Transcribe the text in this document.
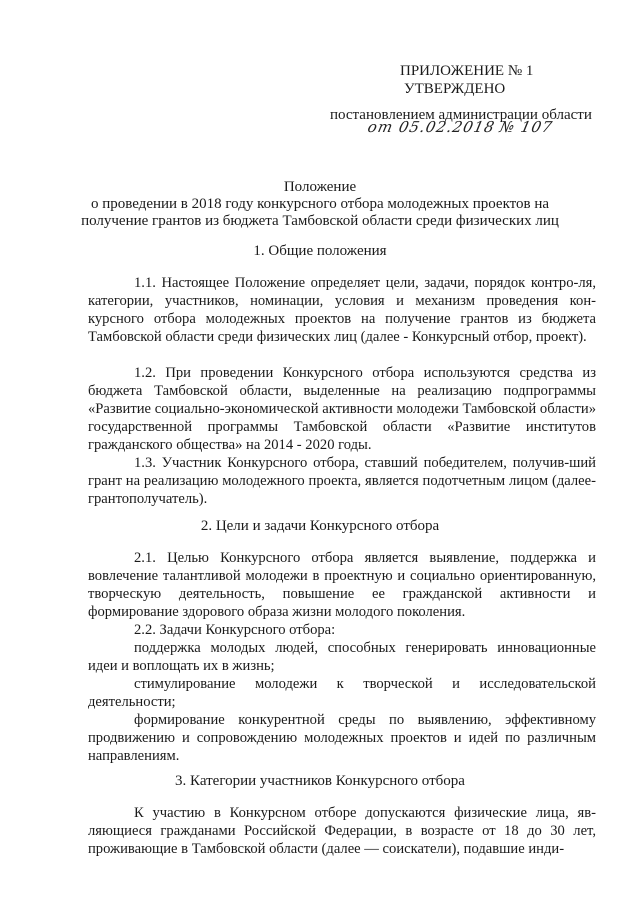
ПРИЛОЖЕНИЕ № 1
УТВЕРЖДЕНО
постановлением администрации области
от 05.02.2018 № 107
Положение
о проведении в 2018 году конкурсного отбора молодежных проектов на
получение грантов из бюджета Тамбовской области среди физических лиц
1. Общие положения

1.1. Настоящее Положение определяет цели, задачи, порядок контро-ля, категории, участников, номинации, условия и механизм проведения кон-курсного отбора молодежных проектов на получение грантов из бюджета Тамбовской области среди физических лиц (далее - Конкурсный отбор, проект).

1.2. При проведении Конкурсного отбора используются средства из бюджета Тамбовской области, выделенные на реализацию подпрограммы «Развитие социально-экономической активности молодежи Тамбовской области» государственной программы Тамбовской области «Развитие институтов гражданского общества» на 2014 - 2020 годы.

1.3. Участник Конкурсного отбора, ставший победителем, получив-ший грант на реализацию молодежного проекта, является подотчетным лицом (далее- грантополучатель).

2. Цели и задачи Конкурсного отбора

2.1. Целью Конкурсного отбора является выявление, поддержка и вовлечение талантливой молодежи в проектную и социально ориентированную, творческую деятельность, повышение ее гражданской активности и формирование здорового образа жизни молодого поколения.

2.2. Задачи Конкурсного отбора:

поддержка молодых людей, способных генерировать инновационные идеи и воплощать их в жизнь;

стимулирование молодежи к творческой и исследовательской деятельности;

формирование конкурентной среды по выявлению, эффективному продвижению и сопровождению молодежных проектов и идей по различным направлениям.

3. Категории участников Конкурсного отбора

К участию в Конкурсном отборе допускаются физические лица, яв-ляющиеся гражданами Российской Федерации, в возрасте от 18 до 30 лет, проживающие в Тамбовской области (далее — соискатели), подавшие инди-
